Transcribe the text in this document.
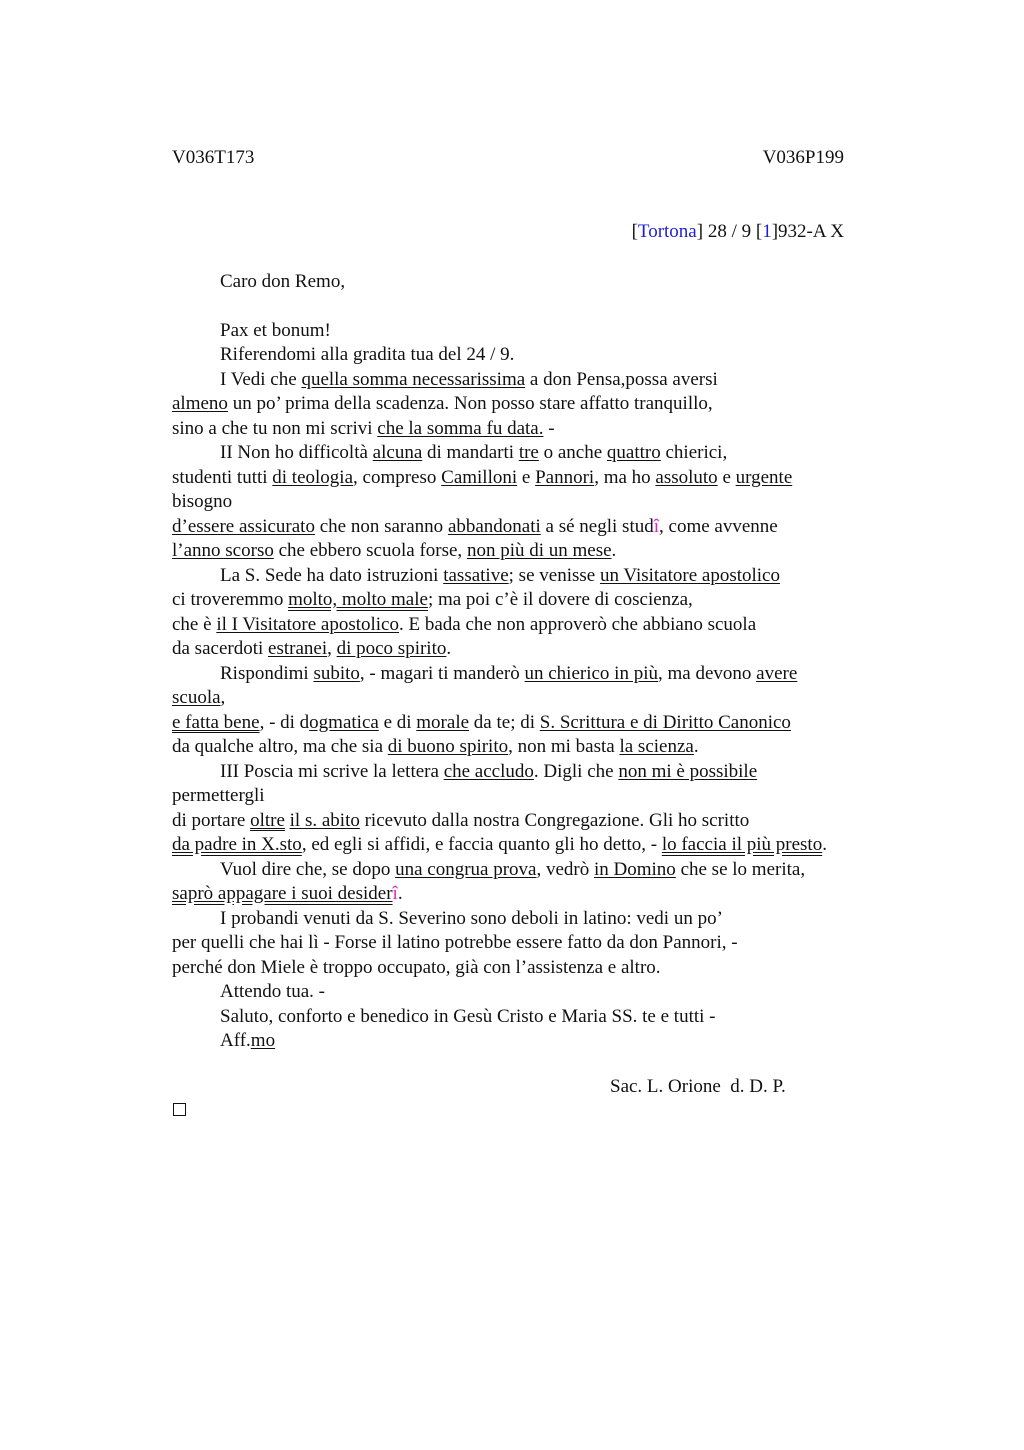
V036T173	V036P199
[Tortona] 28 / 9 [1]932-A X
Caro don Remo,
Pax et bonum!
Riferendomi alla gradita tua del 24 / 9.
I Vedi che quella somma necessarissima a don Pensa,possa aversi
almeno un po’ prima della scadenza. Non posso stare affatto tranquillo,
sino a che tu non mi scrivi che la somma fu data. -
II Non ho difficoltà alcuna di mandarti tre o anche quattro chierici,
studenti tutti di teologia, compreso Camilloni e Pannori, ma ho assoluto e urgente
bisogno
d’essere assicurato che non saranno abbandonati a sé negli studî, come avvenne
l’anno scorso che ebbero scuola forse, non più di un mese.
La S. Sede ha dato istruzioni tassative; se venisse un Visitatore apostolico
ci troveremmo molto, molto male; ma poi c’è il dovere di coscienza,
che è il I Visitatore apostolico. E bada che non approverò che abbiano scuola
da sacerdoti estranei, di poco spirito.
Rispondimi subito, - magari ti manderò un chierico in più, ma devono avere
scuola,
e fatta bene, - di dogmatica e di morale da te; di S. Scrittura e di Diritto Canonico
da qualche altro, ma che sia di buono spirito, non mi basta la scienza.
III Poscia mi scrive la lettera che accludo. Digli che non mi è possibile
permettergli
di portare oltre il s. abito ricevuto dalla nostra Congregazione. Gli ho scritto
da padre in X.sto, ed egli si affidi, e faccia quanto gli ho detto, - lo faccia il più presto.
Vuol dire che, se dopo una congrua prova, vedrò in Domino che se lo merita,
saprò appagare i suoi desiderî.
I probandi venuti da S. Severino sono deboli in latino: vedi un po’
per quelli che hai lì - Forse il latino potrebbe essere fatto da don Pannori, -
perché don Miele è troppo occupato, già con l’assistenza e altro.
Attendo tua. -
Saluto, conforto e benedico in Gesù Cristo e Maria SS. te e tutti -
Aff.mo
Sac. L. Orione  d. D. P.
